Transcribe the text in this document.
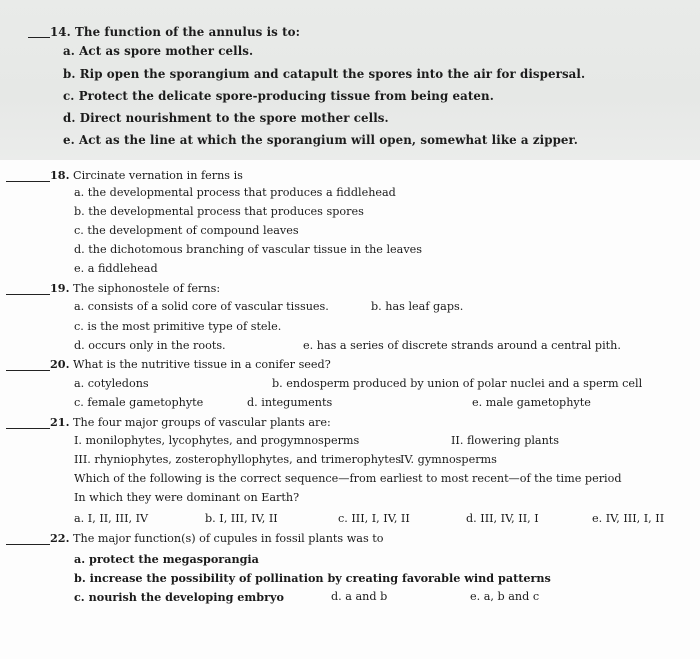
14. The function of the annulus is to:
a. Act as spore mother cells.
b. Rip open the sporangium and catapult the spores into the air for dispersal.
c. Protect the delicate spore-producing tissue from being eaten.
d. Direct nourishment to the spore mother cells.
e. Act as the line at which the sporangium will open, somewhat like a zipper.
18. Circinate vernation in ferns is
a. the developmental process that produces a fiddlehead
b. the developmental process that produces spores
c. the development of compound leaves
d. the dichotomous branching of vascular tissue in the leaves
e. a fiddlehead
19. The siphonostele of ferns:
a. consists of a solid core of vascular tissues.	b. has leaf gaps.
c. is the most primitive type of stele.
d. occurs only in the roots.	e. has a series of discrete strands around a central pith.
20. What is the nutritive tissue in a conifer seed?
a. cotyledons	b. endosperm produced by union of polar nuclei and a sperm cell
c. female gametophyte	d. integuments	e. male gametophyte
21. The four major groups of vascular plants are:
I. monilophytes, lycophytes, and progymnosperms	II. flowering plants
III. rhyniophytes, zosterophyllophytes, and trimerophytes
IV. gymnosperms
Which of the following is the correct sequence—from earliest to most recent—of the time period
In which they were dominant on Earth?
a. I, II, III, IV	b. I, III, IV, II	c. III, I, IV, II	d. III, IV, II, I	e. IV, III, I, II
22. The major function(s) of cupules in fossil plants was to
a. protect the megasporangia
b. increase the possibility of pollination by creating favorable wind patterns
c. nourish the developing embryo	d. a and b	e. a, b and c
